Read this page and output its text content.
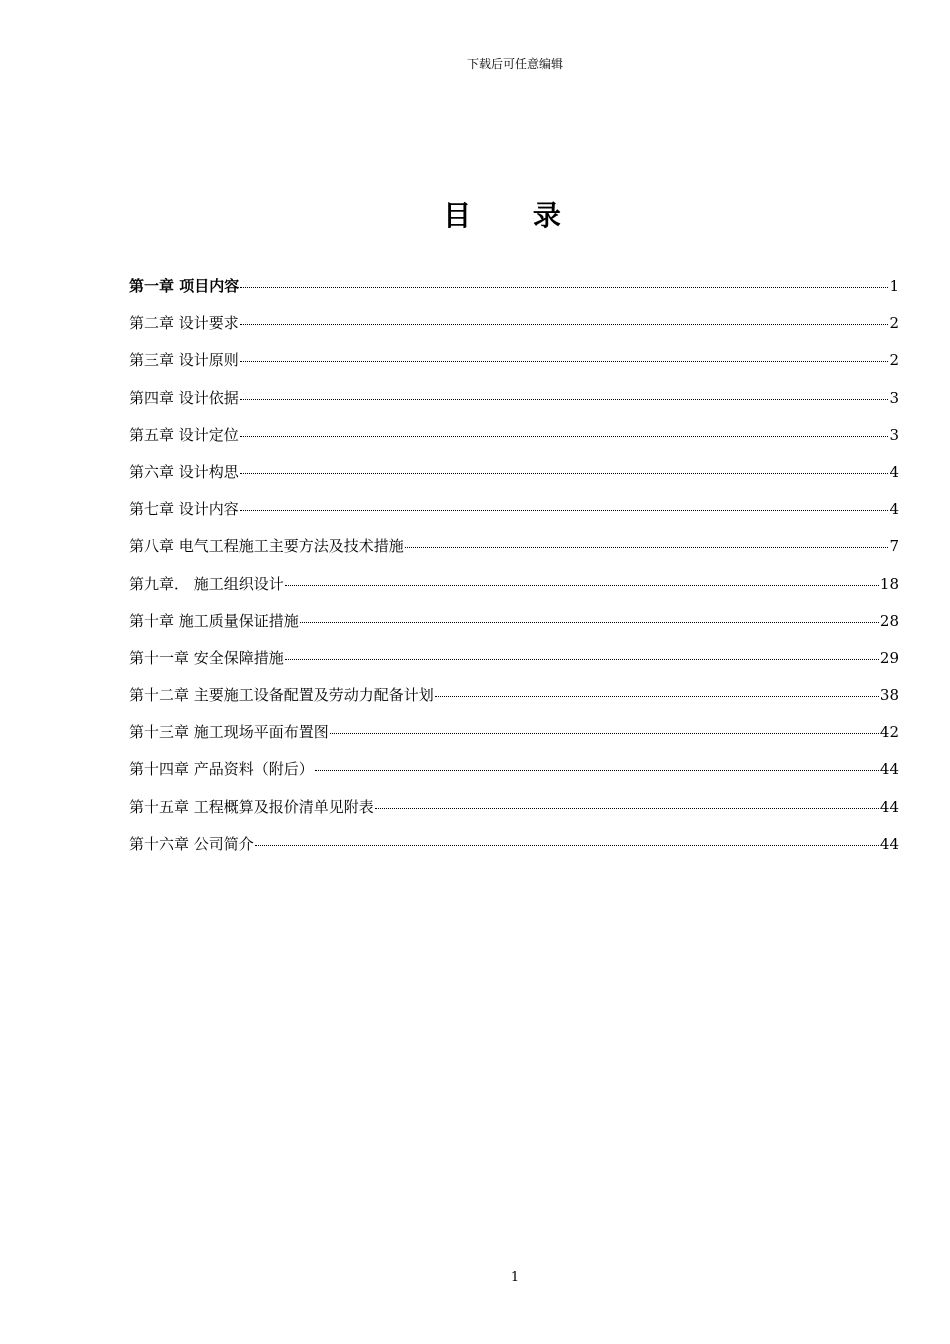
下载后可任意编辑
目 录
第一章 项目内容	1
第二章 设计要求	2
第三章 设计原则	2
第四章 设计依据	3
第五章 设计定位	3
第六章 设计构思	4
第七章 设计内容	4
第八章 电气工程施工主要方法及技术措施	7
第九章． 施工组织设计	18
第十章 施工质量保证措施	28
第十一章 安全保障措施	29
第十二章 主要施工设备配置及劳动力配备计划	38
第十三章 施工现场平面布置图	42
第十四章 产品资料（附后）	44
第十五章 工程概算及报价清单见附表	44
第十六章 公司简介	44
1
